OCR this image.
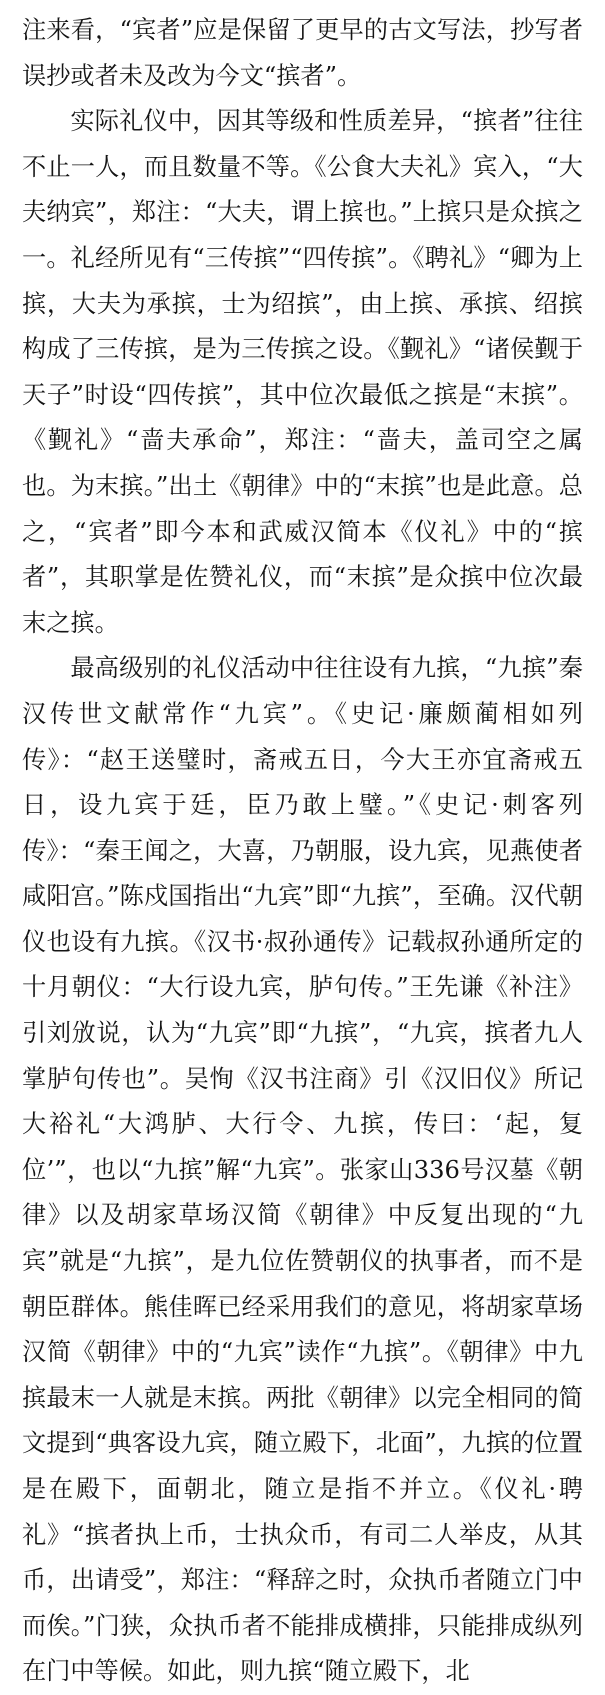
注来看，“宾者”应是保留了更早的古文写法，抄写者误抄或者未及改为今文“摈者”。

实际礼仪中，因其等级和性质差异，“摈者”往往不止一人，而且数量不等。《公食大夫礼》宾入，“大夫纳宾”，郑注：“大夫，谓上摈也。”上摈只是众摈之一。礼经所见有“三传摈”“四传摈”。《聘礼》“卿为上摈，大夫为承摈，士为绍摈”，由上摈、承摈、绍摈构成了三传摈，是为三传摈之设。《觐礼》“诸侯觐于天子”时设“四传摈”，其中位次最低之摈是“末摈”。《觐礼》“啬夫承命”，郑注：“啬夫，盖司空之属也。为末摈。”出土《朝律》中的“末摈”也是此意。总之，“宾者”即今本和武威汉简本《仪礼》中的“摈者”，其职掌是佐赞礼仪，而“末摈”是众摈中位次最末之摈。

最高级别的礼仪活动中往往设有九摈，“九摈”秦汉传世文献常作“九宾”。《史记·廉颇蔺相如列传》：“赵王送璧时，斋戒五日，今大王亦宜斋戒五日，设九宾于廷，臣乃敢上璧。”《史记·刺客列传》：“秦王闻之，大喜，乃朝服，设九宾，见燕使者咸阳宫。”陈戍国指出“九宾”即“九摈”，至确。汉代朝仪也设有九摈。《汉书·叔孙通传》记载叔孙通所定的十月朝仪：“大行设九宾，胪句传。”王先谦《补注》引刘攽说，认为“九宾”即“九摈”，“九宾，摈者九人掌胪句传也”。吴恂《汉书注商》引《汉旧仪》所记大裕礼“大鸿胪、大行令、九摈，传曰：‘起，复位’”，也以“九摈”解“九宾”。张家山336号汉墓《朝律》以及胡家草场汉简《朝律》中反复出现的“九宾”就是“九摈”，是九位佐赞朝仪的执事者，而不是朝臣群体。熊佳晖已经采用我们的意见，将胡家草场汉简《朝律》中的“九宾”读作“九摈”。《朝律》中九摈最末一人就是末摈。两批《朝律》以完全相同的简文提到“典客设九宾，随立殿下，北面”，九摈的位置是在殿下，面朝北，随立是指不并立。《仪礼·聘礼》“摈者执上币，士执众币，有司二人举皮，从其币，出请受”，郑注：“释辞之时，众执币者随立门中而俟。”门狭，众执币者不能排成横排，只能排成纵列在门中等候。如此，则九摈“随立殿下，北
